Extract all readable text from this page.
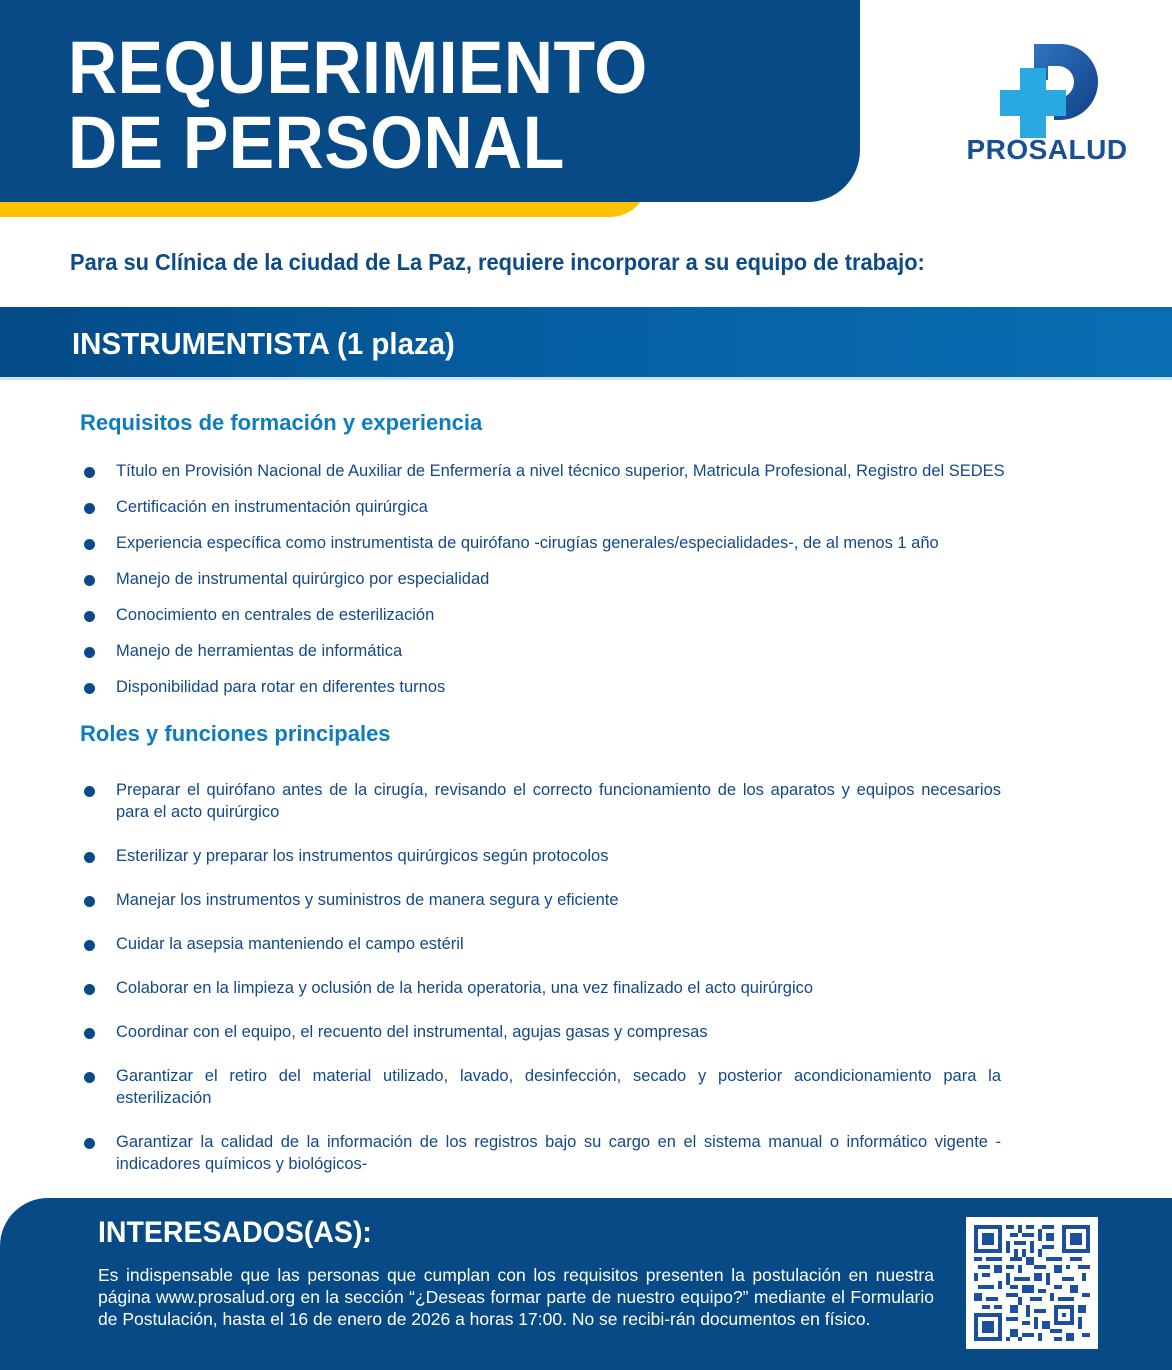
REQUERIMIENTO
DE PERSONAL	PROSALUD

Para su Clínica de la ciudad de La Paz, requiere incorporar a su equipo de trabajo:

INSTRUMENTISTA (1 plaza)
Requisitos de formación y experiencia
Título en Provisión Nacional de Auxiliar de Enfermería a nivel técnico superior, Matricula Profesional, Registro del SEDES
Certificación en instrumentación quirúrgica
Experiencia específica como instrumentista de quirófano -cirugías generales/especialidades-, de al menos 1 año
Manejo de instrumental quirúrgico por especialidad
Conocimiento en centrales de esterilización
Manejo de herramientas de informática
Disponibilidad para rotar en diferentes turnos
Roles y funciones principales
Preparar el quirófano antes de la cirugía, revisando el correcto funcionamiento de los aparatos y equipos necesarios para el acto quirúrgico
Esterilizar y preparar los instrumentos quirúrgicos según protocolos
Manejar los instrumentos y suministros de manera segura y eficiente
Cuidar la asepsia manteniendo el campo estéril
Colaborar en la limpieza y oclusión de la herida operatoria, una vez finalizado el acto quirúrgico
Coordinar con el equipo, el recuento del instrumental, agujas gasas y compresas
Garantizar el retiro del material utilizado, lavado, desinfección, secado y posterior acondicionamiento para la esterilización
Garantizar la calidad de la información de los registros bajo su cargo en el sistema manual o informático vigente -indicadores químicos y biológicos-
INTERESADOS(AS):

Es indispensable que las personas que cumplan con los requisitos presenten la postulación en nuestra página www.prosalud.org en la sección “¿Deseas formar parte de nuestro equipo?” mediante el Formulario de Postulación, hasta el 16 de enero de 2026 a horas 17:00. No se recibi-rán documentos en físico.
